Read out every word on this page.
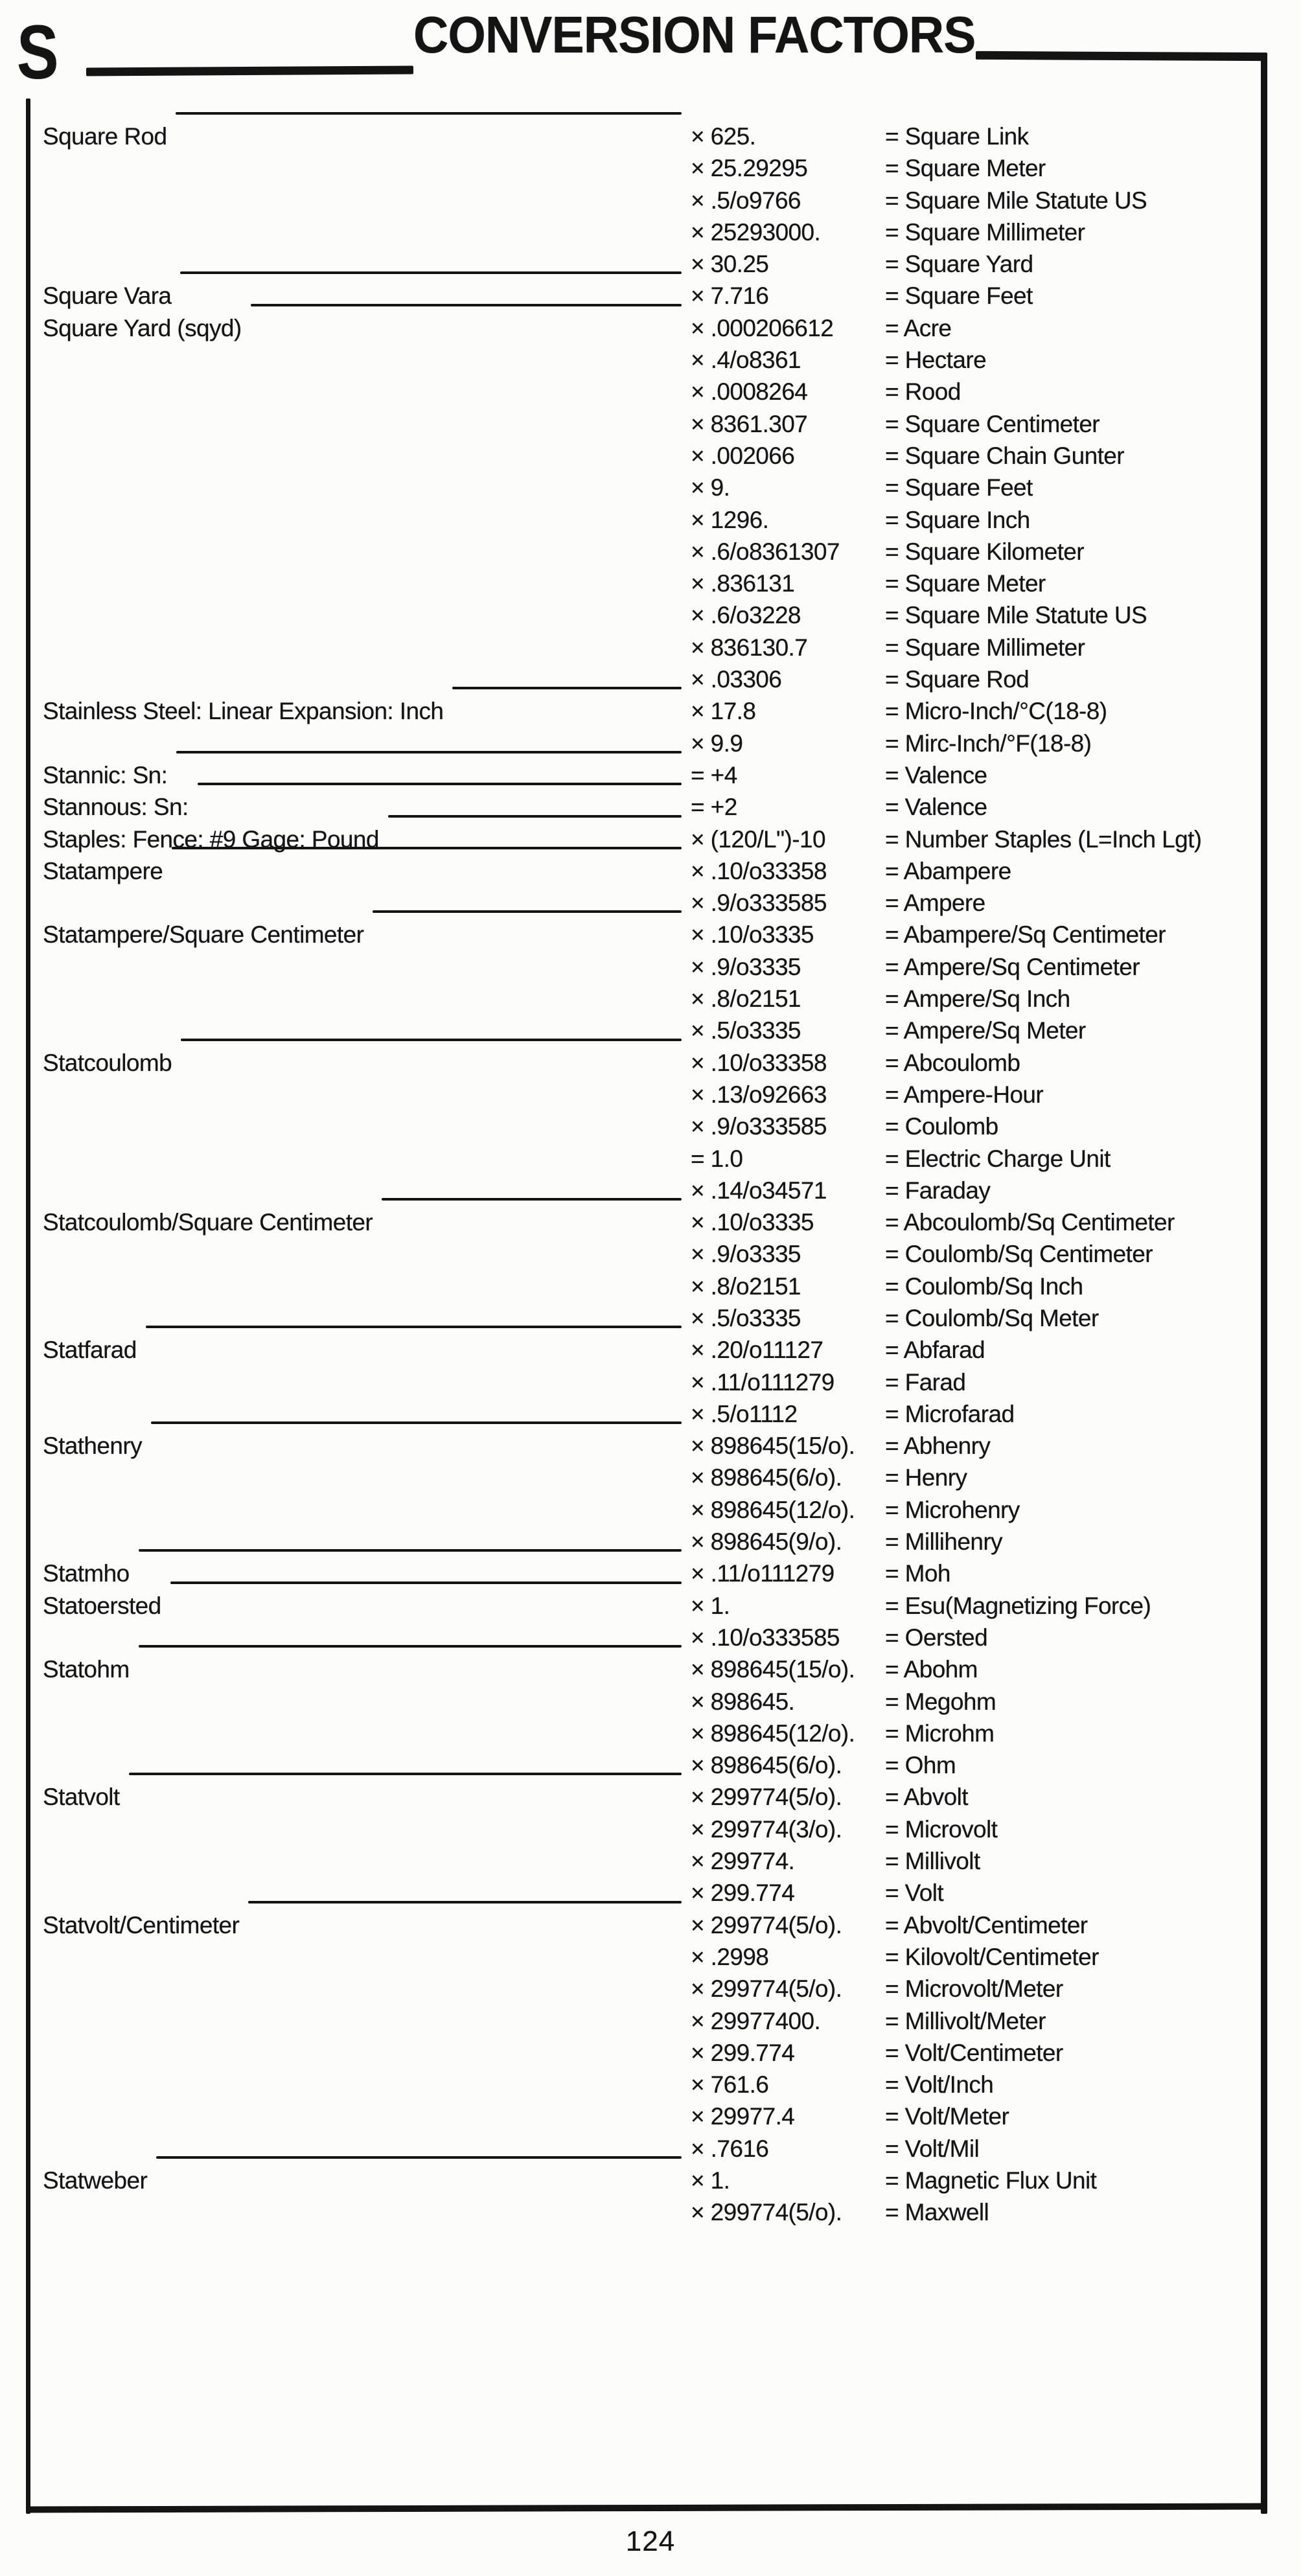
S	CONVERSION FACTORS
Square Rod	× 625.	= Square Link
× 25.29295	= Square Meter
× .5/o9766	= Square Mile Statute US
× 25293000.	= Square Millimeter
× 30.25	= Square Yard
Square Vara	× 7.716	= Square Feet
Square Yard (sqyd)	× .000206612	= Acre
× .4/o8361	= Hectare
× .0008264	= Rood
× 8361.307	= Square Centimeter
× .002066	= Square Chain Gunter
× 9.	= Square Feet
× 1296.	= Square Inch
× .6/o8361307	= Square Kilometer
× .836131	= Square Meter
× .6/o3228	= Square Mile Statute US
× 836130.7	= Square Millimeter
× .03306	= Square Rod
Stainless Steel: Linear Expansion: Inch	× 17.8	= Micro-Inch/°C(18-8)
× 9.9	= Mirc-Inch/°F(18-8)
Stannic: Sn:	= +4	= Valence
Stannous: Sn:	= +2	= Valence
Staples: Fence: #9 Gage: Pound	× (120/L")-10	= Number Staples (L=Inch Lgt)
Statampere	× .10/o33358	= Abampere
× .9/o333585	= Ampere
Statampere/Square Centimeter	× .10/o3335	= Abampere/Sq Centimeter
× .9/o3335	= Ampere/Sq Centimeter
× .8/o2151	= Ampere/Sq Inch
× .5/o3335	= Ampere/Sq Meter
Statcoulomb	× .10/o33358	= Abcoulomb
× .13/o92663	= Ampere-Hour
× .9/o333585	= Coulomb
= 1.0	= Electric Charge Unit
× .14/o34571	= Faraday
Statcoulomb/Square Centimeter	× .10/o3335	= Abcoulomb/Sq Centimeter
× .9/o3335	= Coulomb/Sq Centimeter
× .8/o2151	= Coulomb/Sq Inch
× .5/o3335	= Coulomb/Sq Meter
Statfarad	× .20/o11127	= Abfarad
× .11/o111279	= Farad
× .5/o1112	= Microfarad
Stathenry	× 898645(15/o).	= Abhenry
× 898645(6/o).	= Henry
× 898645(12/o).	= Microhenry
× 898645(9/o).	= Millihenry
Statmho	× .11/o111279	= Moh
Statoersted	× 1.	= Esu(Magnetizing Force)
× .10/o333585	= Oersted
Statohm	× 898645(15/o).	= Abohm
× 898645.	= Megohm
× 898645(12/o).	= Microhm
× 898645(6/o).	= Ohm
Statvolt	× 299774(5/o).	= Abvolt
× 299774(3/o).	= Microvolt
× 299774.	= Millivolt
× 299.774	= Volt
Statvolt/Centimeter	× 299774(5/o).	= Abvolt/Centimeter
× .2998	= Kilovolt/Centimeter
× 299774(5/o).	= Microvolt/Meter
× 29977400.	= Millivolt/Meter
× 299.774	= Volt/Centimeter
× 761.6	= Volt/Inch
× 29977.4	= Volt/Meter
× .7616	= Volt/Mil
Statweber	× 1.	= Magnetic Flux Unit
× 299774(5/o).	= Maxwell
124
